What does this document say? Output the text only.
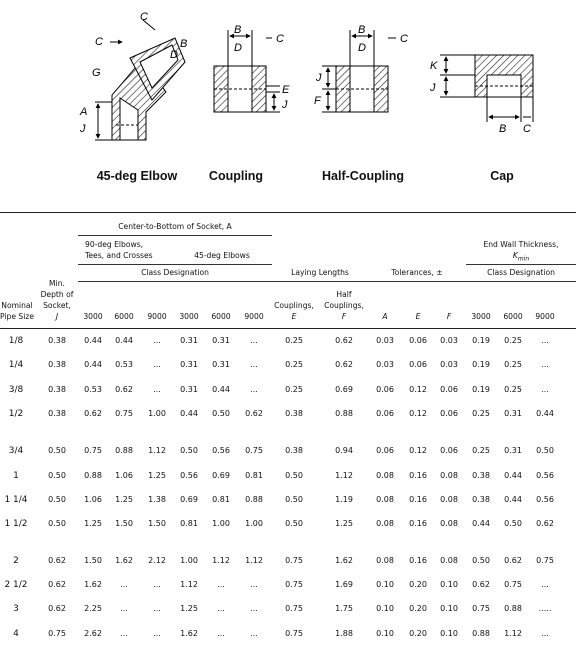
C
C	B
D
G
A
J
B
D
C
E
J
B
D
C
J
F
K
J
B C
45-deg Elbow	Coupling	Half-Coupling	Cap
Center-to-Bottom of Socket, A
90-deg Elbows,
Tees, and Crosses	45-deg Elbows
Class Designation	Laying Lengths	Tolerances, ±
End Wall Thickness,
$K_{min}$
Class Designation
Nominal
Pipe Size
Min.
Depth of
Socket,
J	3000	6000	9000	3000	6000	9000	A	E	F	3000	6000	9000
Couplings,
E
Half
Couplings,
F
1/8	0.38	0.44	0.44	...	0.31	0.31	...	0.25	0.62	0.03	0.06	0.03	0.19	0.25	...
1/4	0.38	0.44	0.53	...	0.31	0.31	...	0.25	0.62	0.03	0.06	0.03	0.19	0.25	...
3/8	0.38	0.53	0.62	...	0.31	0.44	...	0.25	0.69	0.06	0.12	0.06	0.19	0.25	...
1/2	0.38	0.62	0.75	1.00	0.44	0.50	0.62	0.38	0.88	0.06	0.12	0.06	0.25	0.31	0.44
3/4	0.50	0.75	0.88	1.12	0.50	0.56	0.75	0.38	0.94	0.06	0.12	0.06	0.25	0.31	0.50
1	0.50	0.88	1.06	1.25	0.56	0.69	0.81	0.50	1.12	0.08	0.16	0.08	0.38	0.44	0.56
1 1/4	0.50	1.06	1.25	1.38	0.69	0.81	0.88	0.50	1.19	0.08	0.16	0.08	0.38	0.44	0.56
1 1/2	0.50	1.25	1.50	1.50	0.81	1.00	1.00	0.50	1.25	0.08	0.16	0.08	0.44	0.50	0.62
2	0.62	1.50	1.62	2.12	1.00	1.12	1.12	0.75	1.62	0.08	0.16	0.08	0.50	0.62	0.75
2 1/2	0.62	1.62	...	...	1.12	...	...	0.75	1.69	0.10	0.20	0.10	0.62	0.75	...
3	0.62	2.25	...	...	1.25	...	...	0.75	1.75	0.10	0.20	0.10	0.75	0.88	.....
4	0.75	2.62	...	...	1.62	...	...	0.75	1.88	0.10	0.20	0.10	0.88	1.12	...
